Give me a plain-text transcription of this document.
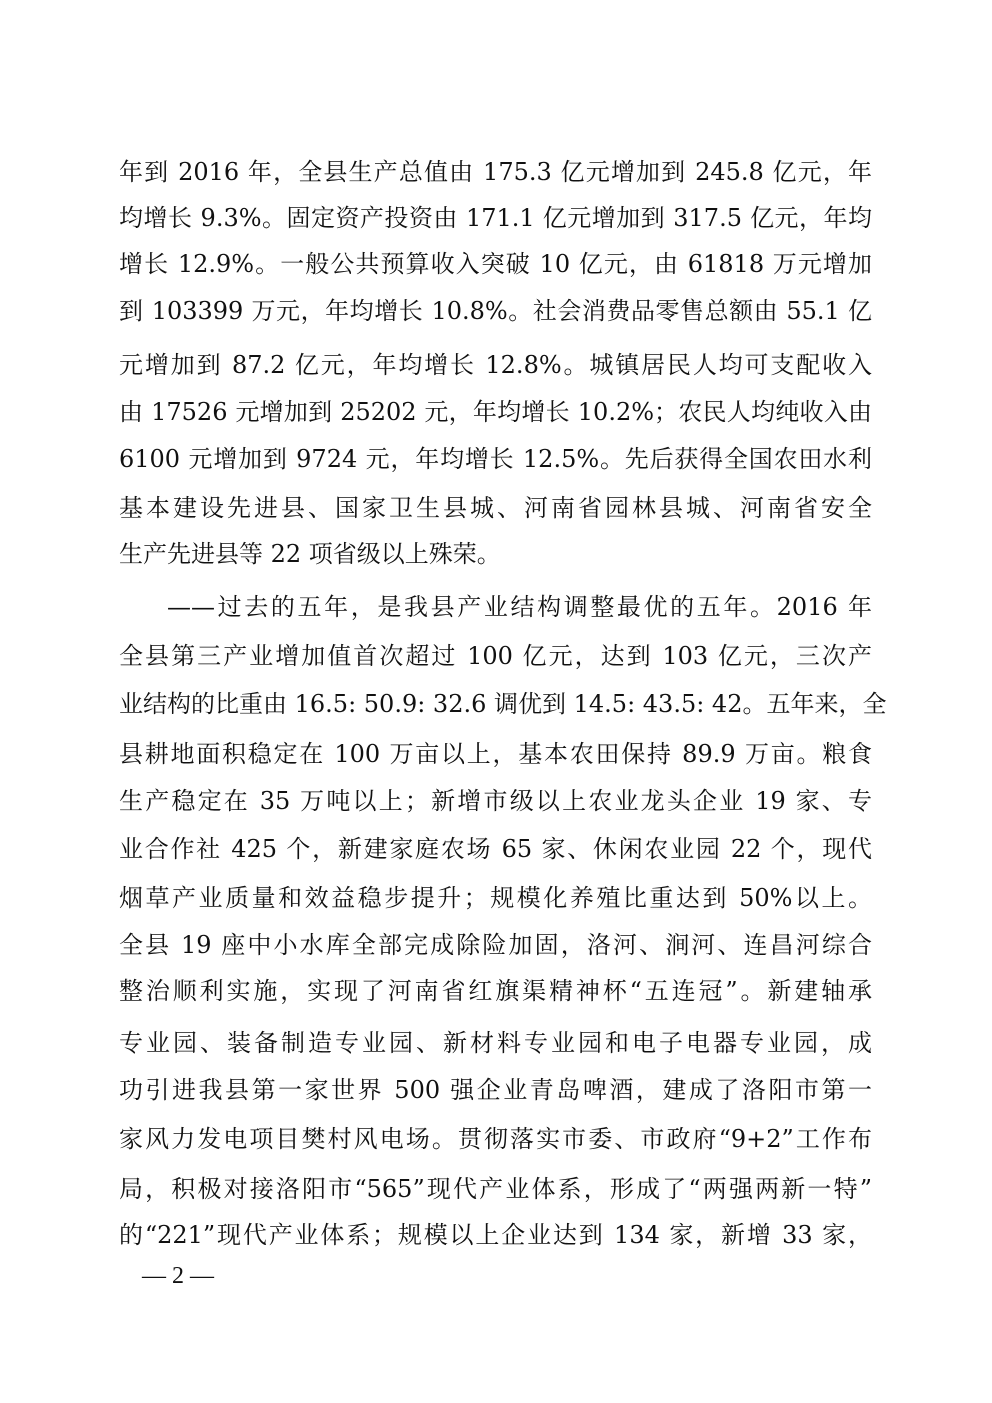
年到 2016 年，全县生产总值由 175.3 亿元增加到 245.8 亿元，年
均增长 9.3%。固定资产投资由 171.1 亿元增加到 317.5 亿元，年均
增长 12.9%。一般公共预算收入突破 10 亿元，由 61818 万元增加
到 103399 万元，年均增长 10.8%。社会消费品零售总额由 55.1 亿
元增加到 87.2 亿元，年均增长 12.8%。城镇居民人均可支配收入
由 17526 元增加到 25202 元，年均增长 10.2%；农民人均纯收入由
6100 元增加到 9724 元，年均增长 12.5%。先后获得全国农田水利
基本建设先进县、国家卫生县城、河南省园林县城、河南省安全
生产先进县等 22 项省级以上殊荣。
——过去的五年，是我县产业结构调整最优的五年。2016 年
全县第三产业增加值首次超过 100 亿元，达到 103 亿元，三次产
业结构的比重由 16.5: 50.9: 32.6 调优到 14.5: 43.5: 42。五年来，全
县耕地面积稳定在 100 万亩以上，基本农田保持 89.9 万亩。粮食
生产稳定在 35 万吨以上；新增市级以上农业龙头企业 19 家、专
业合作社 425 个，新建家庭农场 65 家、休闲农业园 22 个，现代
烟草产业质量和效益稳步提升；规模化养殖比重达到 50%以上。
全县 19 座中小水库全部完成除险加固，洛河、涧河、连昌河综合
整治顺利实施，实现了河南省红旗渠精神杯“五连冠”。新建轴承
专业园、装备制造专业园、新材料专业园和电子电器专业园，成
功引进我县第一家世界 500 强企业青岛啤酒，建成了洛阳市第一
家风力发电项目樊村风电场。贯彻落实市委、市政府“9+2”工作布
局，积极对接洛阳市“565”现代产业体系，形成了“两强两新一特”
的“221”现代产业体系；规模以上企业达到 134 家，新增 33 家，
— 2 —
